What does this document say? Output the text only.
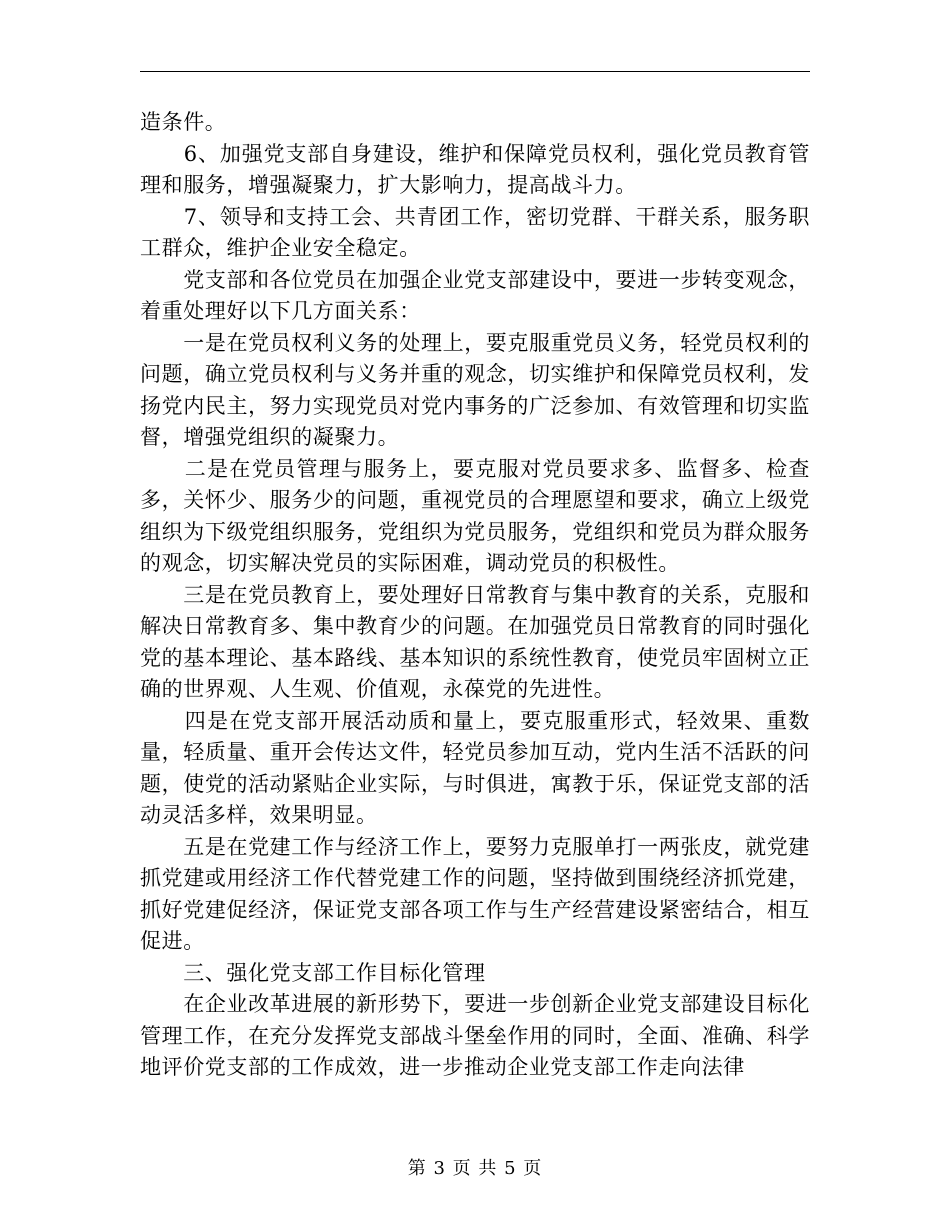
造条件。

　　6、加强党支部自身建设，维护和保障党员权利，强化党员教育管理和服务，增强凝聚力，扩大影响力，提高战斗力。

　　7、领导和支持工会、共青团工作，密切党群、干群关系，服务职工群众，维护企业安全稳定。

　　党支部和各位党员在加强企业党支部建设中，要进一步转变观念，着重处理好以下几方面关系：

　　一是在党员权利义务的处理上，要克服重党员义务，轻党员权利的问题，确立党员权利与义务并重的观念，切实维护和保障党员权利，发扬党内民主，努力实现党员对党内事务的广泛参加、有效管理和切实监督，增强党组织的凝聚力。

　　二是在党员管理与服务上，要克服对党员要求多、监督多、检查多，关怀少、服务少的问题，重视党员的合理愿望和要求，确立上级党组织为下级党组织服务，党组织为党员服务，党组织和党员为群众服务的观念，切实解决党员的实际困难，调动党员的积极性。

　　三是在党员教育上，要处理好日常教育与集中教育的关系，克服和解决日常教育多、集中教育少的问题。在加强党员日常教育的同时强化党的基本理论、基本路线、基本知识的系统性教育，使党员牢固树立正确的世界观、人生观、价值观，永葆党的先进性。

　　四是在党支部开展活动质和量上，要克服重形式，轻效果、重数量，轻质量、重开会传达文件，轻党员参加互动，党内生活不活跃的问题，使党的活动紧贴企业实际，与时俱进，寓教于乐，保证党支部的活动灵活多样，效果明显。

　　五是在党建工作与经济工作上，要努力克服单打一两张皮，就党建抓党建或用经济工作代替党建工作的问题，坚持做到围绕经济抓党建，抓好党建促经济，保证党支部各项工作与生产经营建设紧密结合，相互促进。

　　三、强化党支部工作目标化管理

　　在企业改革进展的新形势下，要进一步创新企业党支部建设目标化管理工作，在充分发挥党支部战斗堡垒作用的同时，全面、准确、科学地评价党支部的工作成效，进一步推动企业党支部工作走向法律

第 3 页 共 5 页
